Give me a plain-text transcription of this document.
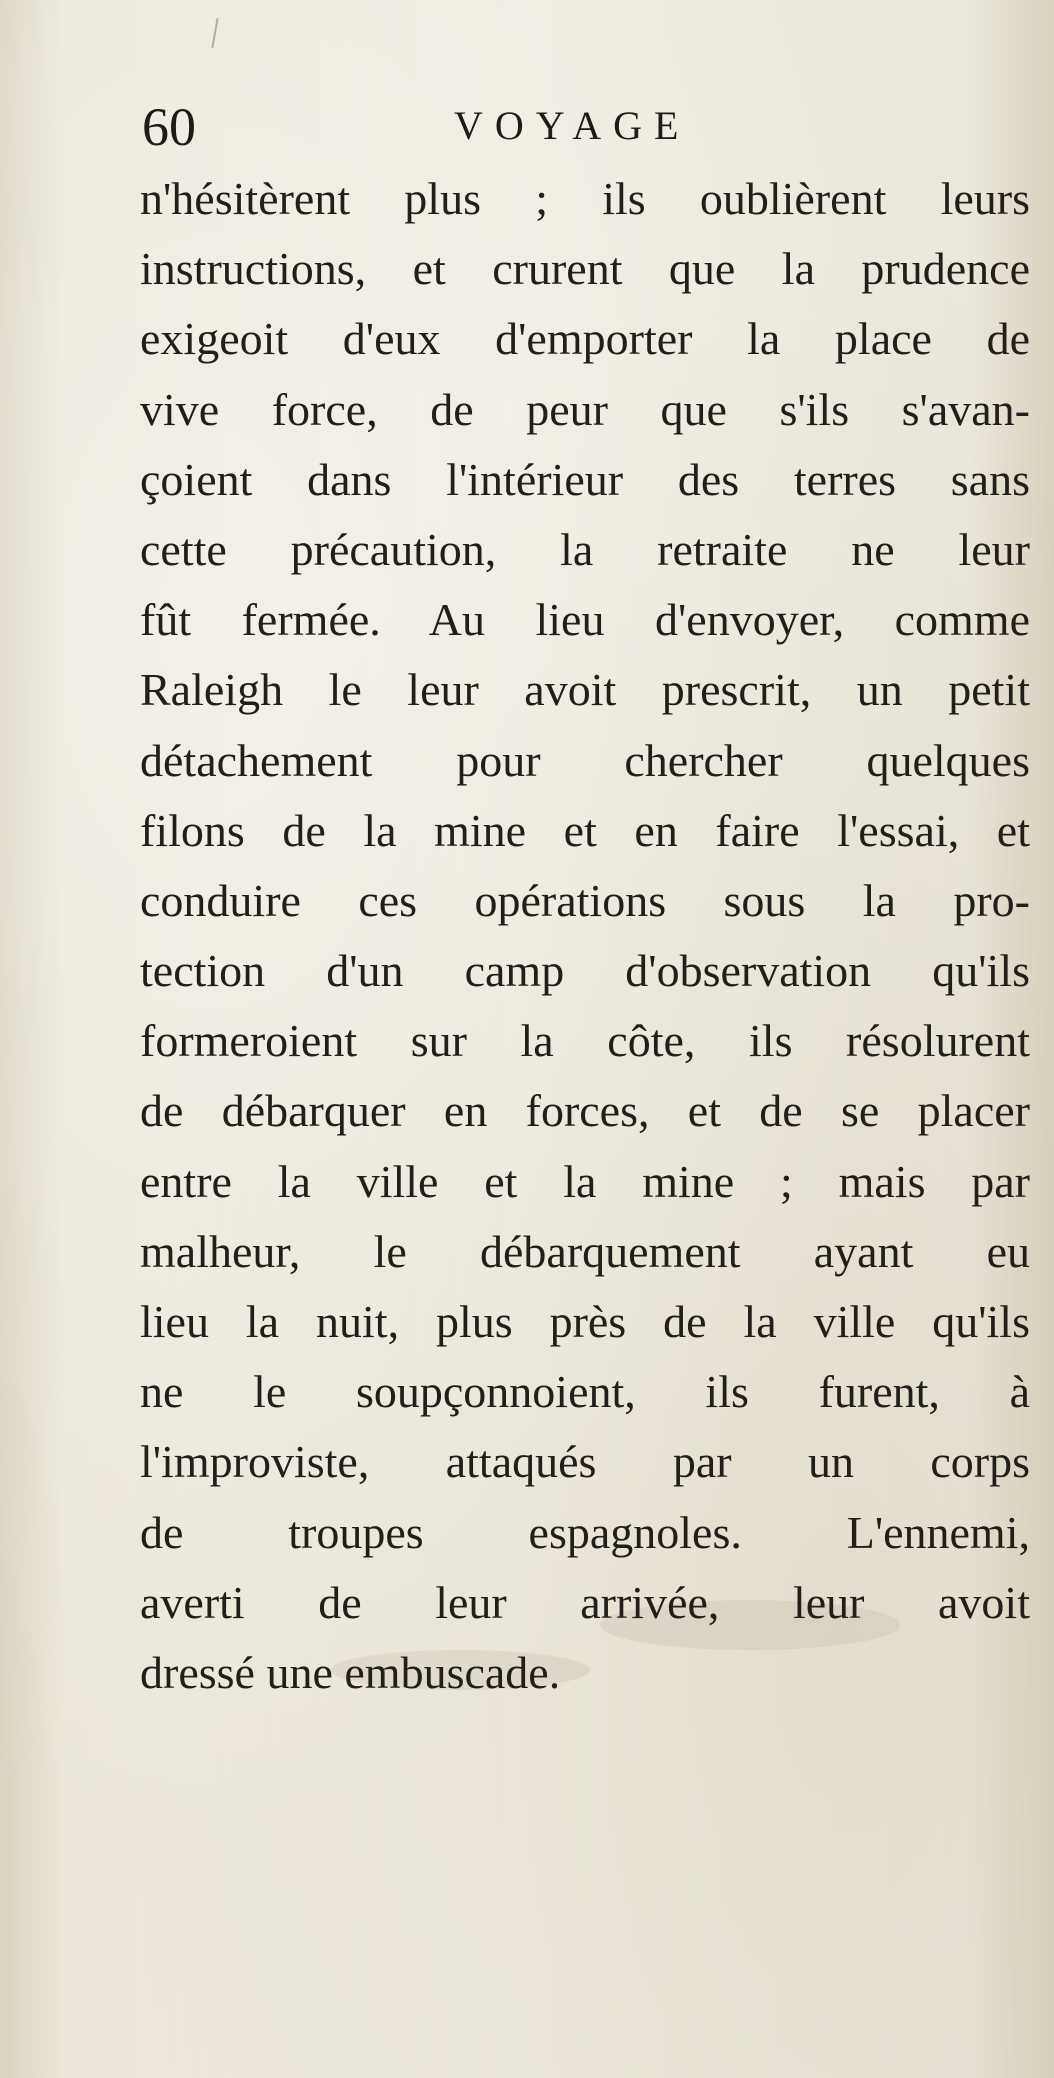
60	VOYAGE
n'hésitèrent plus ; ils oublièrent leurs
instructions, et crurent que la prudence
exigeoit d'eux d'emporter la place de
vive force, de peur que s'ils s'avan-
çoient dans l'intérieur des terres sans
cette précaution, la retraite ne leur
fût fermée. Au lieu d'envoyer, comme
Raleigh le leur avoit prescrit, un petit
détachement pour chercher quelques
filons de la mine et en faire l'essai, et
conduire ces opérations sous la pro-
tection d'un camp d'observation qu'ils
formeroient sur la côte, ils résolurent
de débarquer en forces, et de se placer
entre la ville et la mine ; mais par
malheur, le débarquement ayant eu
lieu la nuit, plus près de la ville qu'ils
ne le soupçonnoient, ils furent, à
l'improviste, attaqués par un corps
de troupes espagnoles. L'ennemi,
averti de leur arrivée, leur avoit
dressé une embuscade.
